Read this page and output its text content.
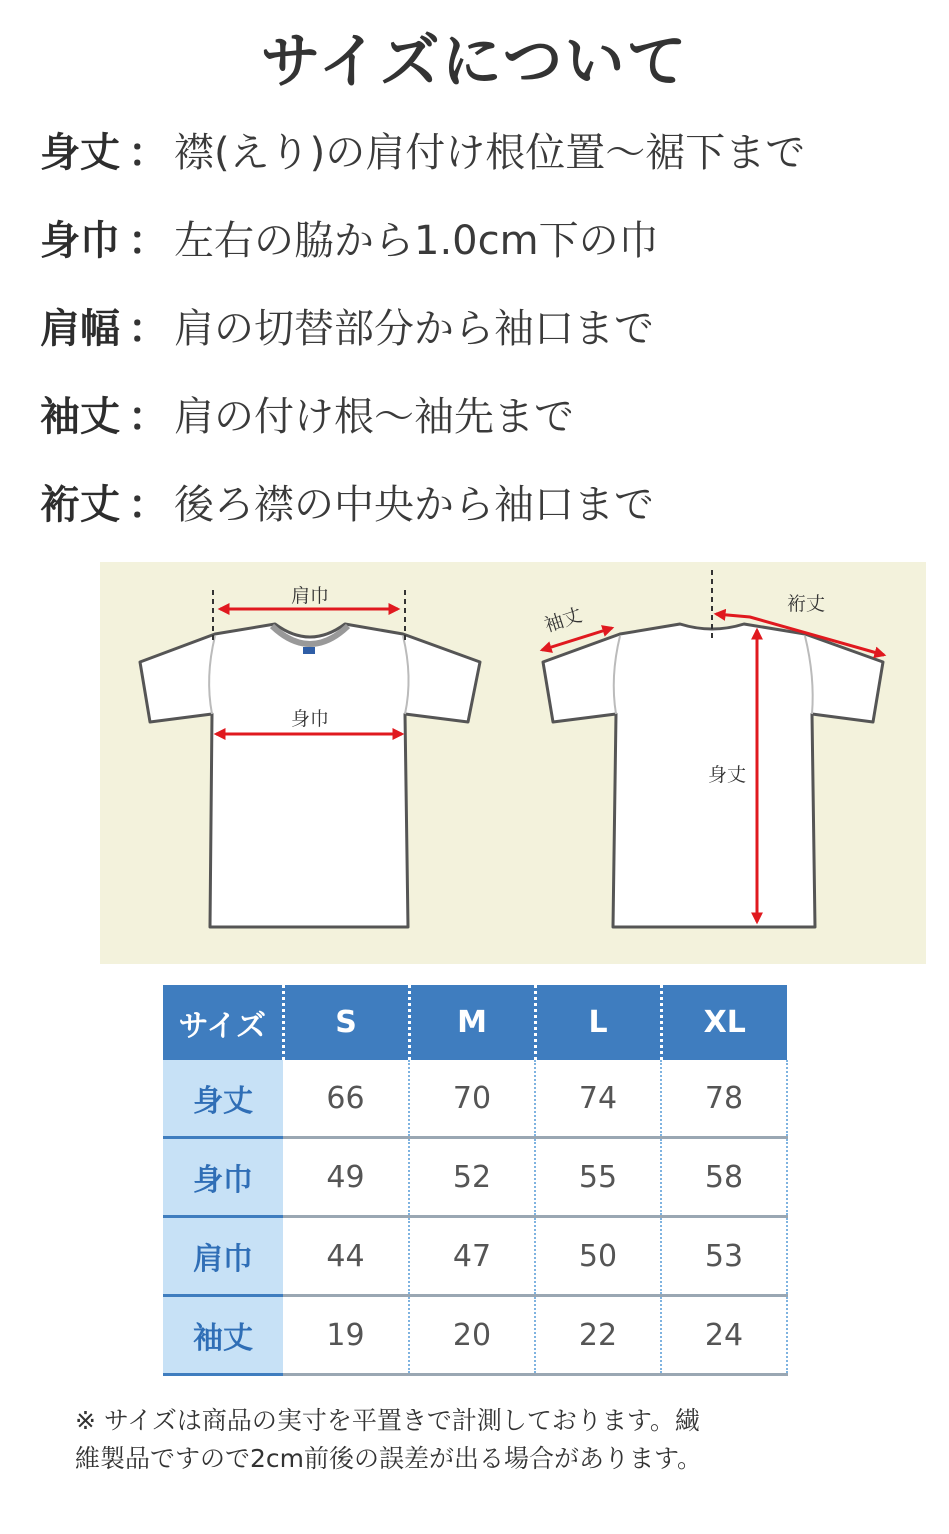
サイズについて
身丈 ： 襟(えり)の肩付け根位置〜裾下まで
身巾 ： 左右の脇から1.0cm下の巾
肩幅 ： 肩の切替部分から袖口まで
袖丈 ： 肩の付け根〜袖先まで
裄丈 ： 後ろ襟の中央から袖口まで
肩巾
身巾
袖丈
裄丈
身丈
サイズ	S	M	L	XL
身丈	66	70	74	78
身巾	49	52	55	58
肩巾	44	47	50	53
袖丈	19	20	22	24
※ サイズは商品の実寸を平置きで計測しております。繊
維製品ですので2cm前後の誤差が出る場合があります。
